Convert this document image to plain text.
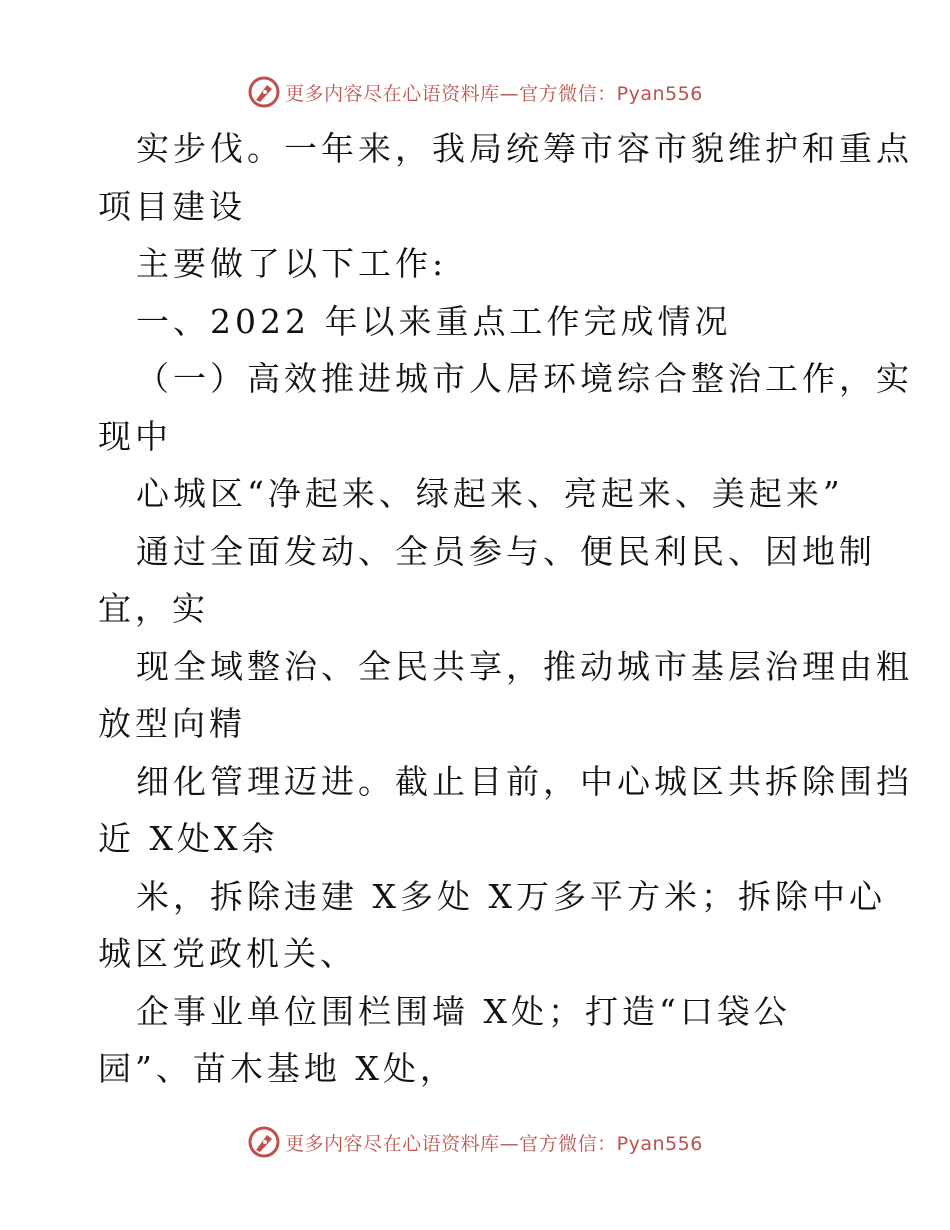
更多内容尽在心语资料库—官方微信：Pyan556

实步伐。一年来，我局统筹市容市貌维护和重点

项目建设

主要做了以下工作:

一、2022 年以来重点工作完成情况

（一）高效推进城市人居环境综合整治工作，实

现中

心城区“净起来、绿起来、亮起来、美起来”

通过全面发动、全员参与、便民利民、因地制

宜，实

现全域整治、全民共享，推动城市基层治理由粗

放型向精

细化管理迈进。截止目前，中心城区共拆除围挡

近 X处X余

米，拆除违建 X多处 X万多平方米；拆除中心

城区党政机关、

企事业单位围栏围墙 X处；打造“口袋公

园”、苗木基地 X处，

更多内容尽在心语资料库—官方微信：Pyan556
